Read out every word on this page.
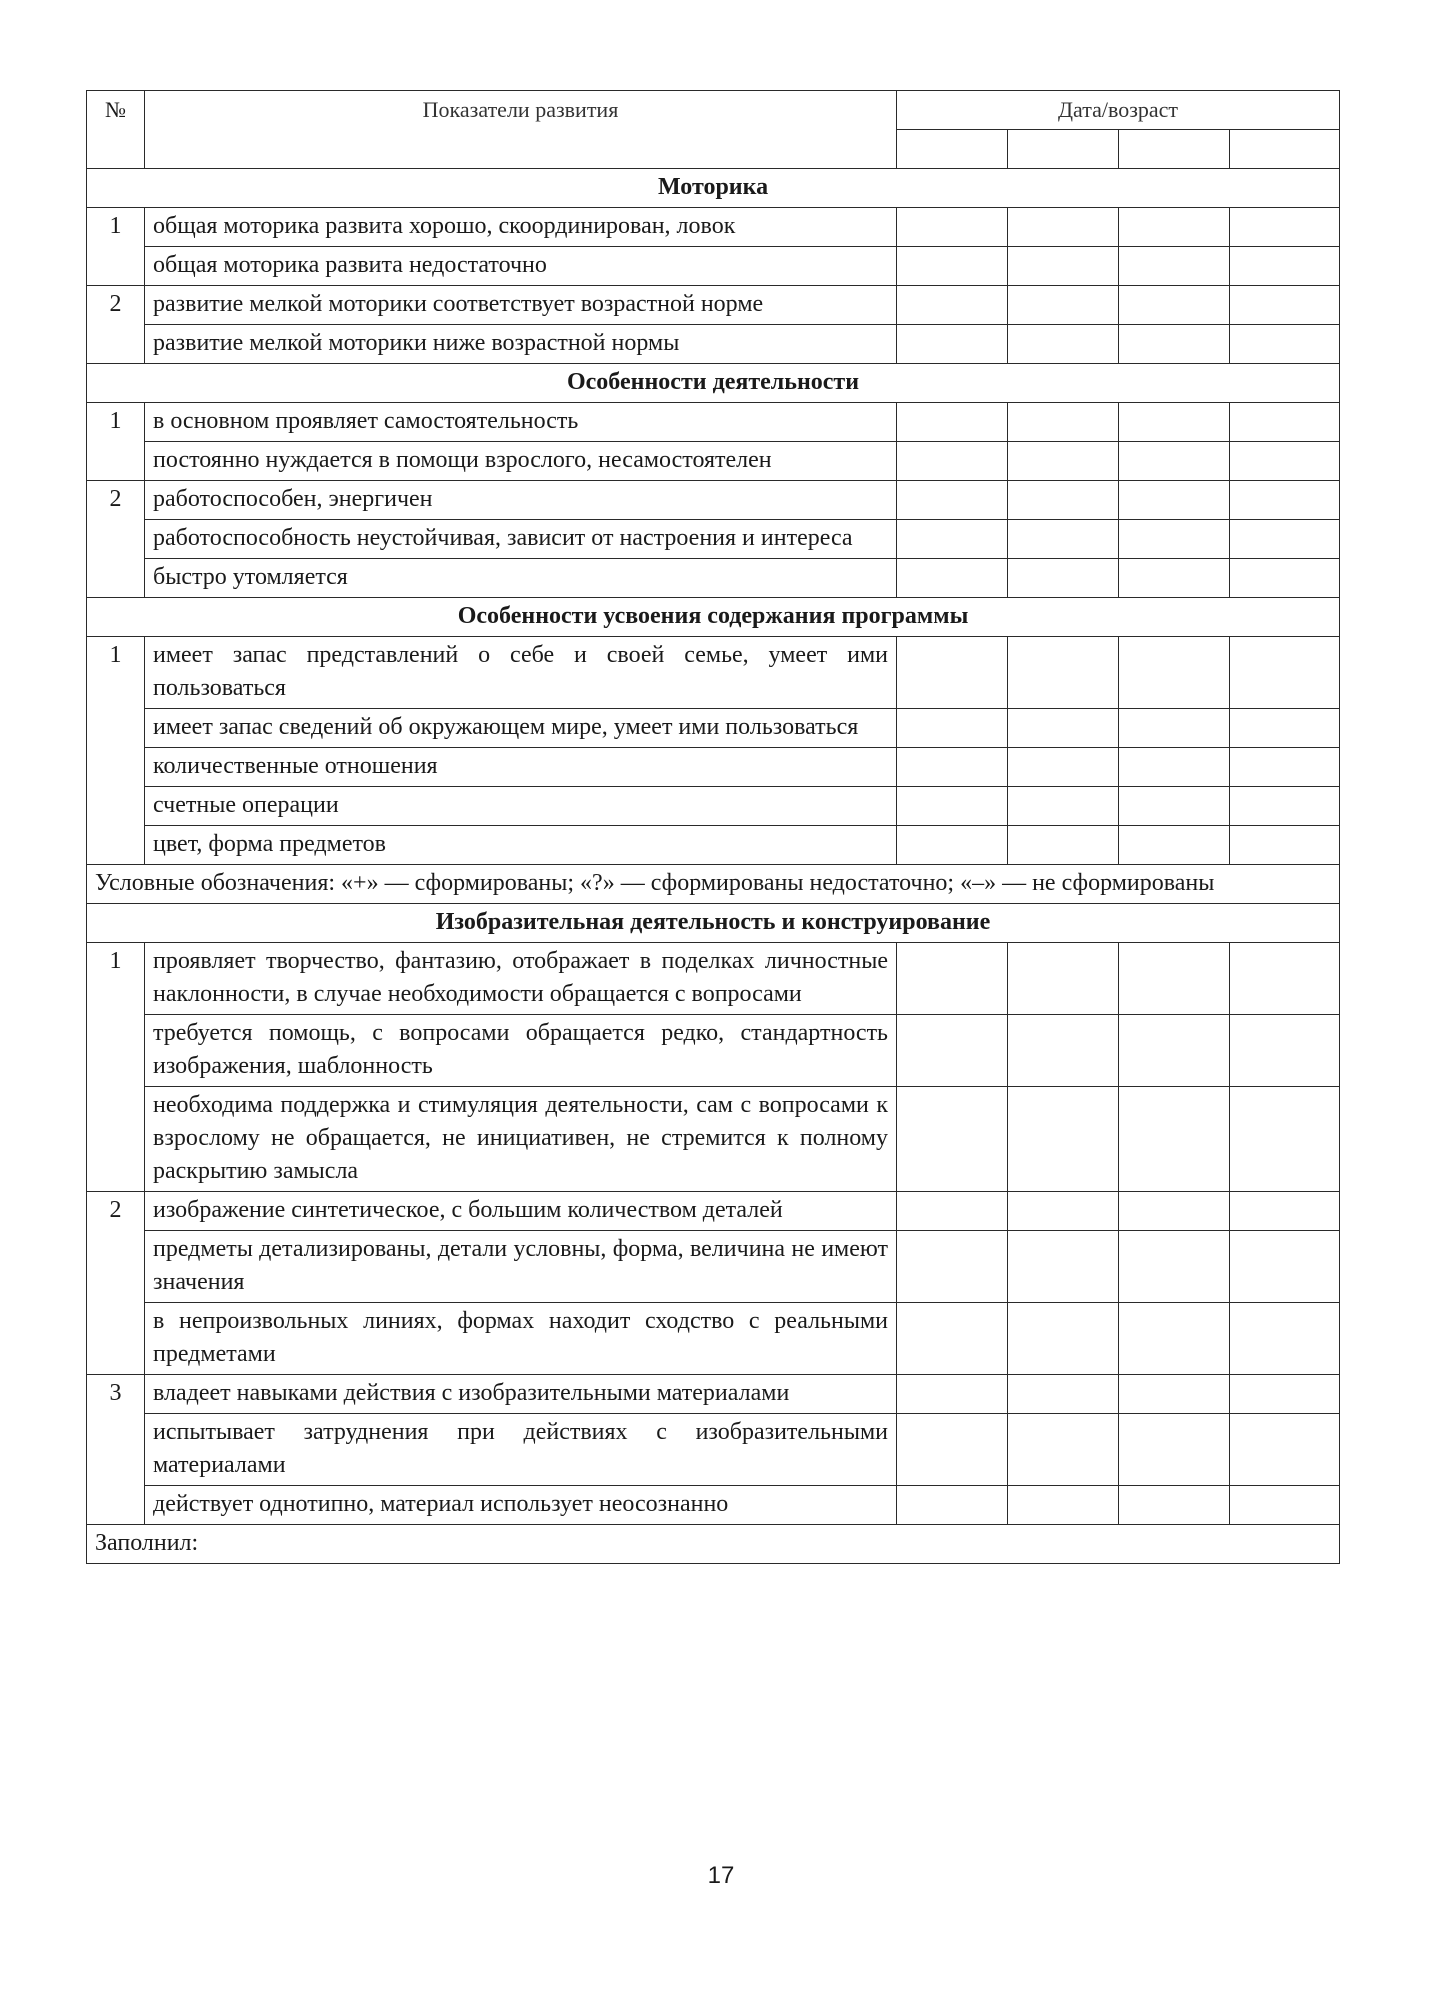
№	Показатели развития	Дата/возраст			

Моторика					
1	общая моторика развита хорошо, скоординирован, ловок				
	общая моторика развита недостаточно				
2	развитие мелкой моторики соответствует возрастной норме				
	развитие мелкой моторики ниже возрастной нормы				
Особенности деятельности					
1	в основном проявляет самостоятельность				
	постоянно нуждается в помощи взрослого, несамостоятелен				
2	работоспособен, энергичен				
	работоспособность неустойчивая, зависит от настроения и интереса				
	быстро утомляется				
Особенности усвоения содержания программы					
1	имеет запас представлений о себе и своей семье, умеет ими пользоваться				
	имеет запас сведений об окружающем мире, умеет ими пользоваться				
	количественные отношения				
	счетные операции				
	цвет, форма предметов				
Условные обозначения: «+» — сформированы; «?» — сформированы недостаточно; «–» — не сформированы					
Изобразительная деятельность и конструирование					
1	проявляет творчество, фантазию, отображает в поделках личностные наклонности, в случае необходимости обращается с вопросами				
	требуется помощь, с вопросами обращается редко, стандартность изображения, шаблонность				
	необходима поддержка и стимуляция деятельности, сам с вопросами к взрослому не обращается, не инициативен, не стремится к полному раскрытию замысла				
2	изображение синтетическое, с большим количеством деталей				
	предметы детализированы, детали условны, форма, величина не имеют значения				
	в непроизвольных линиях, формах находит сходство с реальными предметами				
3	владеет навыками действия с изобразительными материалами				
	испытывает затруднения при действиях с изобразительными материалами				
	действует однотипно, материал использует неосознанно				
Заполнил:					
17
